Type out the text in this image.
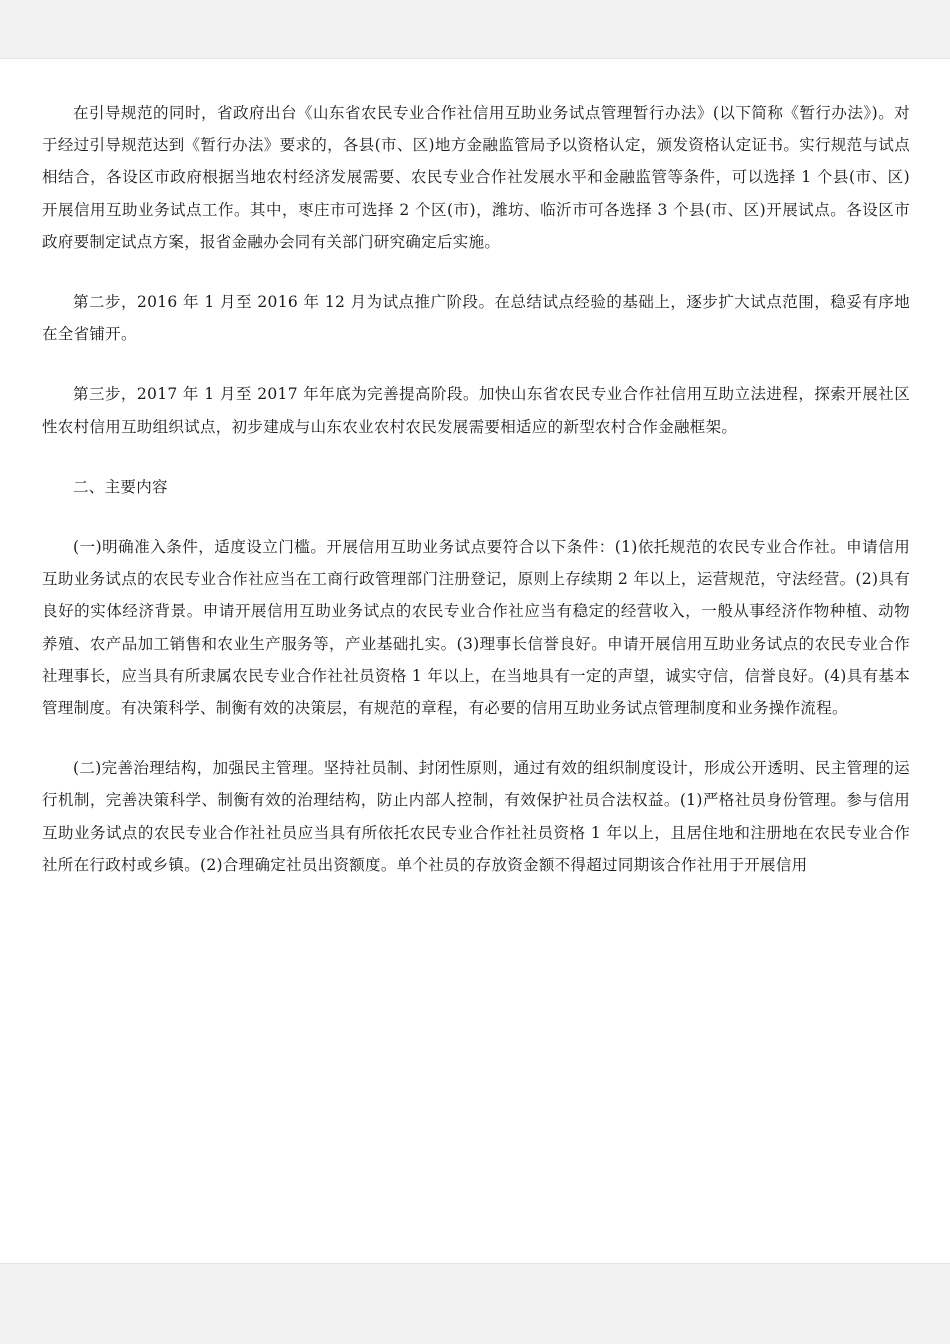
在引导规范的同时，省政府出台《山东省农民专业合作社信用互助业务试点管理暂行办法》(以下简称《暂行办法》)。对于经过引导规范达到《暂行办法》要求的，各县(市、区)地方金融监管局予以资格认定，颁发资格认定证书。实行规范与试点相结合，各设区市政府根据当地农村经济发展需要、农民专业合作社发展水平和金融监管等条件，可以选择 1 个县(市、区)开展信用互助业务试点工作。其中，枣庄市可选择 2 个区(市)，潍坊、临沂市可各选择 3 个县(市、区)开展试点。各设区市政府要制定试点方案，报省金融办会同有关部门研究确定后实施。

第二步，2016 年 1 月至 2016 年 12 月为试点推广阶段。在总结试点经验的基础上，逐步扩大试点范围，稳妥有序地在全省铺开。

第三步，2017 年 1 月至 2017 年年底为完善提高阶段。加快山东省农民专业合作社信用互助立法进程，探索开展社区性农村信用互助组织试点，初步建成与山东农业农村农民发展需要相适应的新型农村合作金融框架。

二、主要内容

(一)明确准入条件，适度设立门槛。开展信用互助业务试点要符合以下条件：(1)依托规范的农民专业合作社。申请信用互助业务试点的农民专业合作社应当在工商行政管理部门注册登记，原则上存续期 2 年以上，运营规范，守法经营。(2)具有良好的实体经济背景。申请开展信用互助业务试点的农民专业合作社应当有稳定的经营收入，一般从事经济作物种植、动物养殖、农产品加工销售和农业生产服务等，产业基础扎实。(3)理事长信誉良好。申请开展信用互助业务试点的农民专业合作社理事长，应当具有所隶属农民专业合作社社员资格 1 年以上，在当地具有一定的声望，诚实守信，信誉良好。(4)具有基本管理制度。有决策科学、制衡有效的决策层，有规范的章程，有必要的信用互助业务试点管理制度和业务操作流程。

(二)完善治理结构，加强民主管理。坚持社员制、封闭性原则，通过有效的组织制度设计，形成公开透明、民主管理的运行机制，完善决策科学、制衡有效的治理结构，防止内部人控制，有效保护社员合法权益。(1)严格社员身份管理。参与信用互助业务试点的农民专业合作社社员应当具有所依托农民专业合作社社员资格 1 年以上，且居住地和注册地在农民专业合作社所在行政村或乡镇。(2)合理确定社员出资额度。单个社员的存放资金额不得超过同期该合作社用于开展信用
